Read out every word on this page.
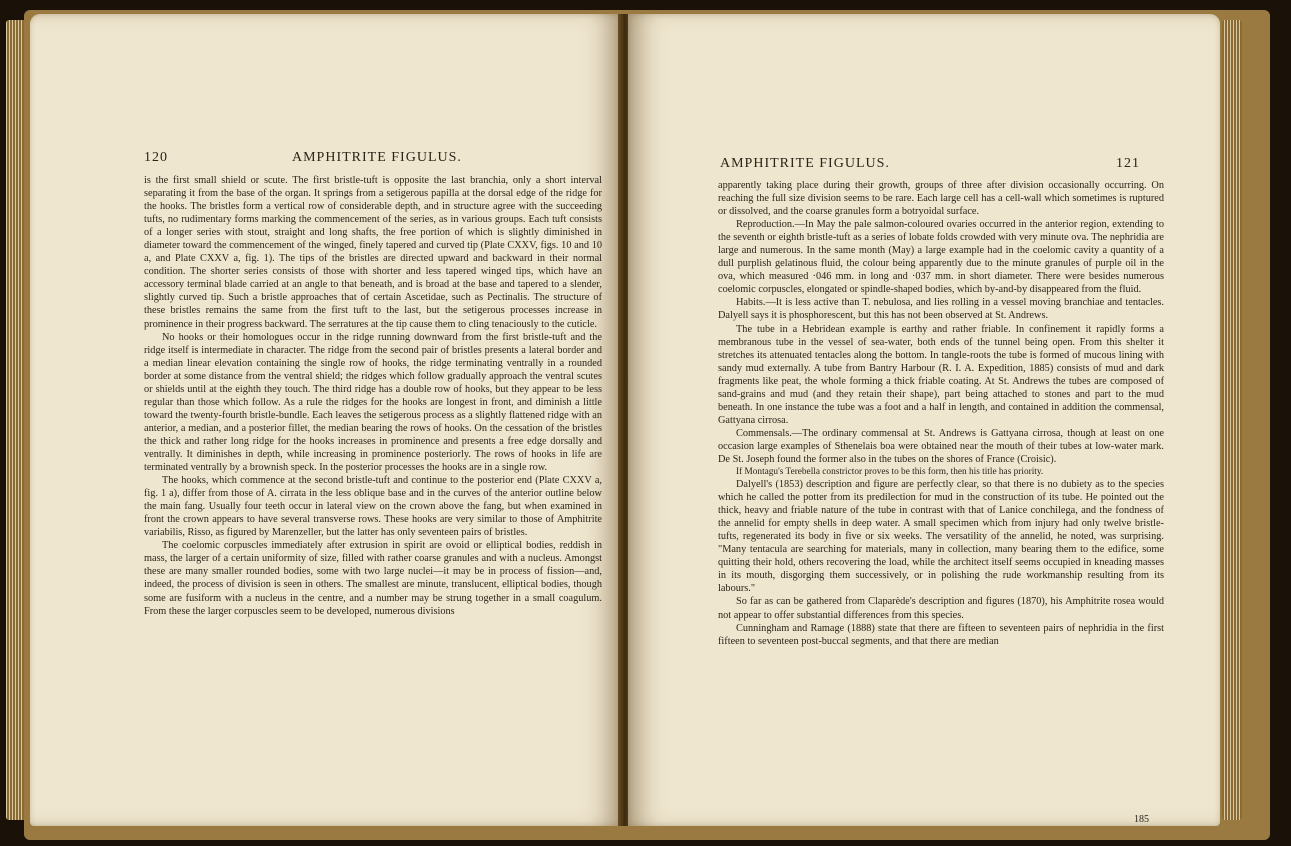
120	AMPHITRITE FIGULUS.

is the first small shield or scute. The first bristle-tuft is opposite the last branchia, only a short interval separating it from the base of the organ. It springs from a setigerous papilla at the dorsal edge of the ridge for the hooks. The bristles form a vertical row of considerable depth, and in structure agree with the succeeding tufts, no rudimentary forms marking the commencement of the series, as in various groups. Each tuft consists of a longer series with stout, straight and long shafts, the free portion of which is slightly diminished in diameter toward the commencement of the winged, finely tapered and curved tip (Plate CXXV, figs. 10 and 10 a, and Plate CXXV a, fig. 1). The tips of the bristles are directed upward and backward in their normal condition. The shorter series consists of those with shorter and less tapered winged tips, which have an accessory terminal blade carried at an angle to that beneath, and is broad at the base and tapered to a slender, slightly curved tip. Such a bristle approaches that of certain Ascetidae, such as Pectinalis. The structure of these bristles remains the same from the first tuft to the last, but the setigerous processes increase in prominence in their progress backward. The serratures at the tip cause them to cling tenaciously to the cuticle.

No hooks or their homologues occur in the ridge running downward from the first bristle-tuft and the ridge itself is intermediate in character. The ridge from the second pair of bristles presents a lateral border and a median linear elevation containing the single row of hooks, the ridge terminating ventrally in a rounded border at some distance from the ventral shield; the ridges which follow gradually approach the ventral scutes or shields until at the eighth they touch. The third ridge has a double row of hooks, but they appear to be less regular than those which follow. As a rule the ridges for the hooks are longest in front, and diminish a little toward the twenty-fourth bristle-bundle. Each leaves the setigerous process as a slightly flattened ridge with an anterior, a median, and a posterior fillet, the median bearing the rows of hooks. On the cessation of the bristles the thick and rather long ridge for the hooks increases in prominence and presents a free edge dorsally and ventrally. It diminishes in depth, while increasing in prominence posteriorly. The rows of hooks in life are terminated ventrally by a brownish speck. In the posterior processes the hooks are in a single row.

The hooks, which commence at the second bristle-tuft and continue to the posterior end (Plate CXXV a, fig. 1 a), differ from those of A. cirrata in the less oblique base and in the curves of the anterior outline below the main fang. Usually four teeth occur in lateral view on the crown above the fang, but when examined in front the crown appears to have several transverse rows. These hooks are very similar to those of Amphitrite variabilis, Risso, as figured by Marenzeller, but the latter has only seventeen pairs of bristles.

The coelomic corpuscles immediately after extrusion in spirit are ovoid or elliptical bodies, reddish in mass, the larger of a certain uniformity of size, filled with rather coarse granules and with a nucleus. Amongst these are many smaller rounded bodies, some with two large nuclei—it may be in process of fission—and, indeed, the process of division is seen in others. The smallest are minute, translucent, elliptical bodies, though some are fusiform with a nucleus in the centre, and a number may be strung together in a small coagulum. From these the larger corpuscles seem to be developed, numerous divisions

AMPHITRITE FIGULUS.	121

apparently taking place during their growth, groups of three after division occasionally occurring. On reaching the full size division seems to be rare. Each large cell has a cell-wall which sometimes is ruptured or dissolved, and the coarse granules form a botryoidal surface.

Reproduction.—In May the pale salmon-coloured ovaries occurred in the anterior region, extending to the seventh or eighth bristle-tuft as a series of lobate folds crowded with very minute ova. The nephridia are large and numerous. In the same month (May) a large example had in the coelomic cavity a quantity of a dull purplish gelatinous fluid, the colour being apparently due to the minute granules of purple oil in the ova, which measured ·046 mm. in long and ·037 mm. in short diameter. There were besides numerous coelomic corpuscles, elongated or spindle-shaped bodies, which by-and-by disappeared from the fluid.

Habits.—It is less active than T. nebulosa, and lies rolling in a vessel moving branchiae and tentacles. Dalyell says it is phosphorescent, but this has not been observed at St. Andrews.

The tube in a Hebridean example is earthy and rather friable. In confinement it rapidly forms a membranous tube in the vessel of sea-water, both ends of the tunnel being open. From this shelter it stretches its attenuated tentacles along the bottom. In tangle-roots the tube is formed of mucous lining with sandy mud externally. A tube from Bantry Harbour (R. I. A. Expedition, 1885) consists of mud and dark fragments like peat, the whole forming a thick friable coating. At St. Andrews the tubes are composed of sand-grains and mud (and they retain their shape), part being attached to stones and part to the mud beneath. In one instance the tube was a foot and a half in length, and contained in addition the commensal, Gattyana cirrosa.

Commensals.—The ordinary commensal at St. Andrews is Gattyana cirrosa, though at least on one occasion large examples of Sthenelais boa were obtained near the mouth of their tubes at low-water mark. De St. Joseph found the former also in the tubes on the shores of France (Croisic).

If Montagu's Terebella constrictor proves to be this form, then his title has priority.

Dalyell's (1853) description and figure are perfectly clear, so that there is no dubiety as to the species which he called the potter from its predilection for mud in the construction of its tube. He pointed out the thick, heavy and friable nature of the tube in contrast with that of Lanice conchilega, and the fondness of the annelid for empty shells in deep water. A small specimen which from injury had only twelve bristle-tufts, regenerated its body in five or six weeks. The versatility of the annelid, he noted, was surprising. "Many tentacula are searching for materials, many in collection, many bearing them to the edifice, some quitting their hold, others recovering the load, while the architect itself seems occupied in kneading masses in its mouth, disgorging them successively, or in polishing the rude workmanship resulting from its labours."

So far as can be gathered from Claparède's description and figures (1870), his Amphitrite rosea would not appear to offer substantial differences from this species.

Cunningham and Ramage (1888) state that there are fifteen to seventeen pairs of nephridia in the first fifteen to seventeen post-buccal segments, and that there are median

185
